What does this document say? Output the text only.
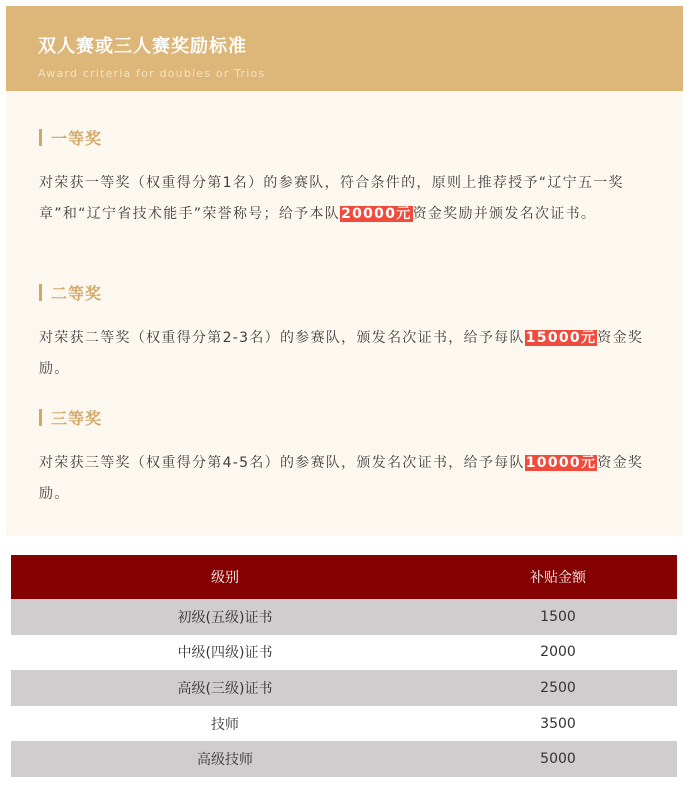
双人赛或三人赛奖励标准
Award criteria for doubles or Trios
一等奖
对荣获一等奖（权重得分第1名）的参赛队，符合条件的，原则上推荐授予“辽宁五一奖章”和“辽宁省技术能手”荣誉称号；给予本队20000元资金奖励并颁发名次证书。
二等奖
对荣获二等奖（权重得分第2-3名）的参赛队，颁发名次证书，给予每队15000元资金奖励。
三等奖
对荣获三等奖（权重得分第4-5名）的参赛队，颁发名次证书，给予每队10000元资金奖励。
级别	补贴金额
初级(五级)证书	1500
中级(四级)证书	2000
高级(三级)证书	2500
技师	3500
高级技师	5000
